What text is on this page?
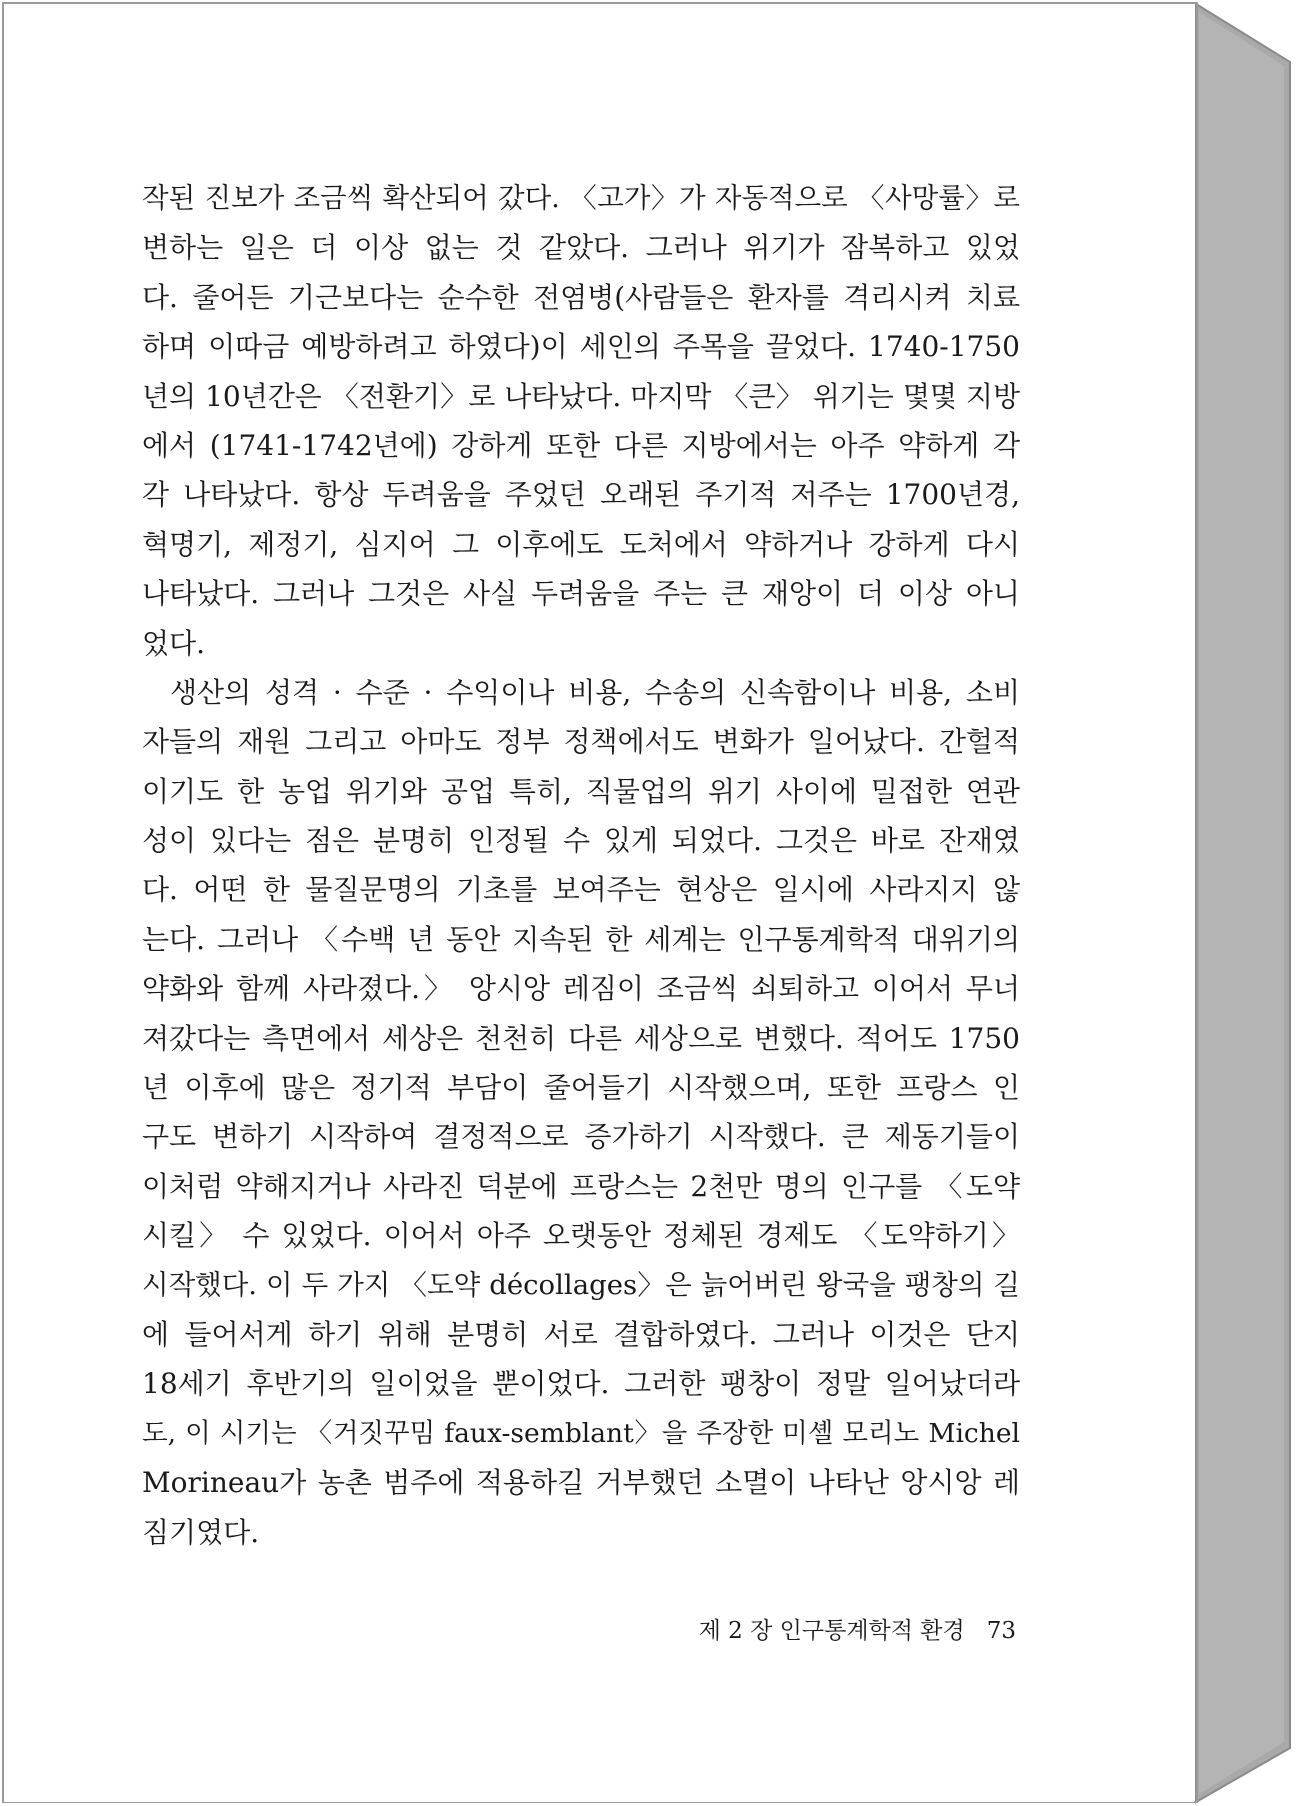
작된 진보가 조금씩 확산되어 갔다. 〈고가〉가 자동적으로 〈사망률〉로
변하는 일은 더 이상 없는 것 같았다. 그러나 위기가 잠복하고 있었
다. 줄어든 기근보다는 순수한 전염병(사람들은 환자를 격리시켜 치료
하며 이따금 예방하려고 하였다)이 세인의 주목을 끌었다. 1740-1750
년의 10년간은 〈전환기〉로 나타났다. 마지막 〈큰〉 위기는 몇몇 지방
에서 (1741-1742년에) 강하게 또한 다른 지방에서는 아주 약하게 각
각 나타났다. 항상 두려움을 주었던 오래된 주기적 저주는 1700년경,
혁명기, 제정기, 심지어 그 이후에도 도처에서 약하거나 강하게 다시
나타났다. 그러나 그것은 사실 두려움을 주는 큰 재앙이 더 이상 아니
었다.
생산의 성격 · 수준 · 수익이나 비용, 수송의 신속함이나 비용, 소비
자들의 재원 그리고 아마도 정부 정책에서도 변화가 일어났다. 간헐적
이기도 한 농업 위기와 공업 특히, 직물업의 위기 사이에 밀접한 연관
성이 있다는 점은 분명히 인정될 수 있게 되었다. 그것은 바로 잔재였
다. 어떤 한 물질문명의 기초를 보여주는 현상은 일시에 사라지지 않
는다. 그러나 〈수백 년 동안 지속된 한 세계는 인구통계학적 대위기의
약화와 함께 사라졌다.〉 앙시앙 레짐이 조금씩 쇠퇴하고 이어서 무너
져갔다는 측면에서 세상은 천천히 다른 세상으로 변했다. 적어도 1750
년 이후에 많은 정기적 부담이 줄어들기 시작했으며, 또한 프랑스 인
구도 변하기 시작하여 결정적으로 증가하기 시작했다. 큰 제동기들이
이처럼 약해지거나 사라진 덕분에 프랑스는 2천만 명의 인구를 〈도약
시킬〉 수 있었다. 이어서 아주 오랫동안 정체된 경제도 〈도약하기〉
시작했다. 이 두 가지 〈도약 décollages〉은 늙어버린 왕국을 팽창의 길
에 들어서게 하기 위해 분명히 서로 결합하였다. 그러나 이것은 단지
18세기 후반기의 일이었을 뿐이었다. 그러한 팽창이 정말 일어났더라
도, 이 시기는 〈거짓꾸밈 faux-semblant〉을 주장한 미셸 모리노 Michel
Morineau가 농촌 범주에 적용하길 거부했던 소멸이 나타난 앙시앙 레
짐기였다.
제 2 장 인구통계학적 환경 73
